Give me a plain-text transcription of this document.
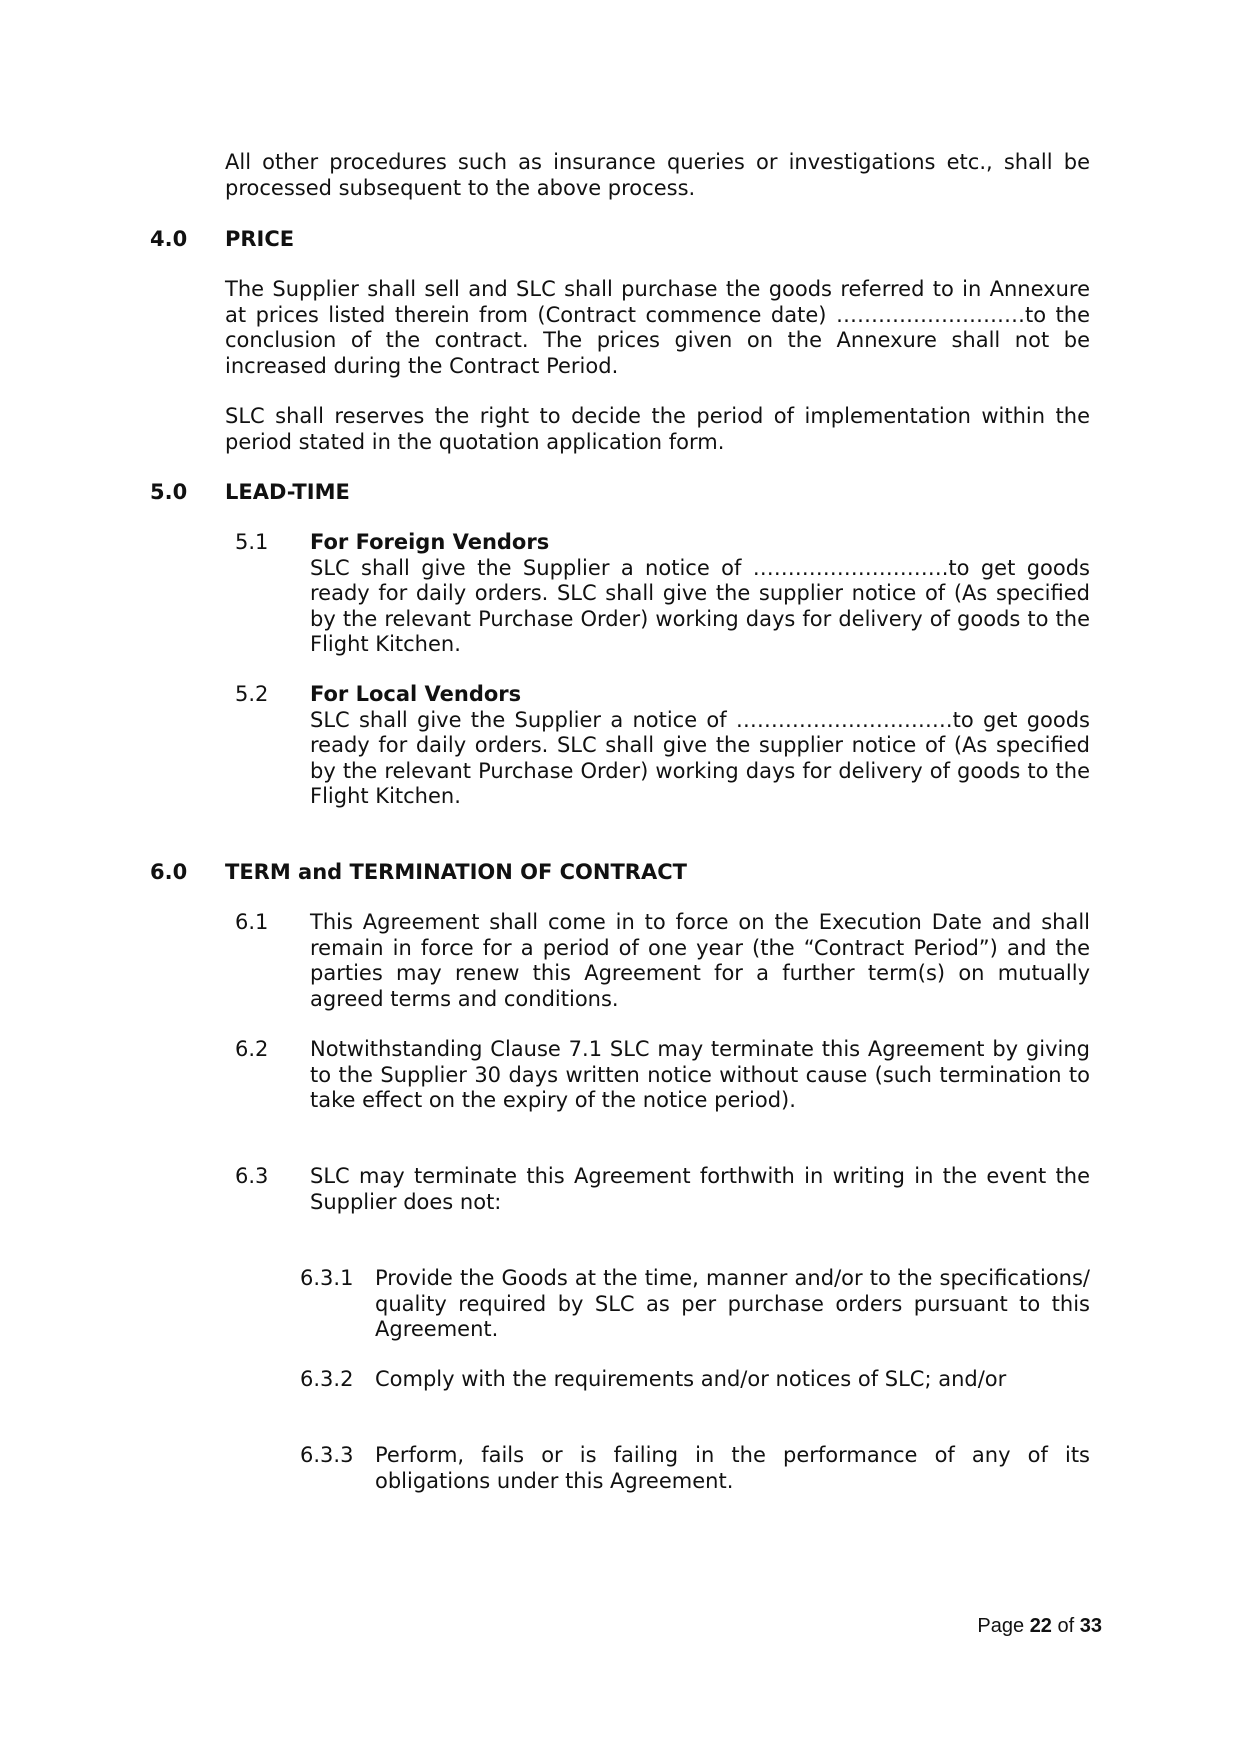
All other procedures such as insurance queries or investigations etc., shall be processed subsequent to the above process.
4.0 PRICE
The Supplier shall sell and SLC shall purchase the goods referred to in Annexure at prices listed therein from (Contract commence date) ………………………to the conclusion of the contract. The prices given on the Annexure shall not be increased during the Contract Period.
SLC shall reserves the right to decide the period of implementation within the period stated in the quotation application form.
5.0 LEAD-TIME
5.1 For Foreign Vendors
SLC shall give the Supplier a notice of ……………………….to get goods ready for daily orders. SLC shall give the supplier notice of (As specified by the relevant Purchase Order) working days for delivery of goods to the Flight Kitchen.
5.2 For Local Vendors
SLC shall give the Supplier a notice of ………………………….to get goods ready for daily orders. SLC shall give the supplier notice of (As specified by the relevant Purchase Order) working days for delivery of goods to the Flight Kitchen.
6.0 TERM and TERMINATION OF CONTRACT
6.1 This Agreement shall come in to force on the Execution Date and shall remain in force for a period of one year (the “Contract Period”) and the parties may renew this Agreement for a further term(s) on mutually agreed terms and conditions.
6.2 Notwithstanding Clause 7.1 SLC may terminate this Agreement by giving to the Supplier 30 days written notice without cause (such termination to take effect on the expiry of the notice period).
6.3 SLC may terminate this Agreement forthwith in writing in the event the Supplier does not:
6.3.1 Provide the Goods at the time, manner and/or to the specifications/ quality required by SLC as per purchase orders pursuant to this Agreement.
6.3.2 Comply with the requirements and/or notices of SLC; and/or
6.3.3 Perform, fails or is failing in the performance of any of its obligations under this Agreement.
Page 22 of 33
